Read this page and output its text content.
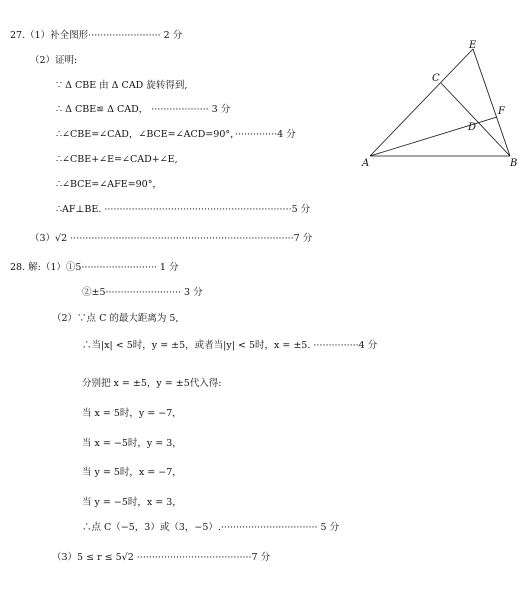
27.（1）补全图形························ 2 分
（2）证明:
∵ Δ CBE 由 Δ CAD 旋转得到,
∴ Δ CBE≌ Δ CAD， ··················· 3 分
∴∠CBE=∠CAD，∠BCE=∠ACD=90°，··············4 分
∴∠CBE+∠E=∠CAD+∠E,
∴∠BCE=∠AFE=90°，
∴AF⊥BE. ······························································5 分
（3）√2 ··········································································7 分
28. 解:（1）①5························· 1 分
②±5························· 3 分
（2）∵点 C 的最大距离为 5,
∴当|x| < 5时，y = ±5，或者当|y| < 5时，x = ±5. ···············4 分
分别把 x = ±5，y = ±5代入得:
当 x = 5时，y = −7，
当 x = −5时，y = 3，
当 y = 5时，x = −7，
当 y = −5时，x = 3，
∴点 C（−5，3）或（3，−5）.································ 5 分
（3）5 ≤ r ≤ 5√2 ······································7 分
A	B
C
D
E
F
